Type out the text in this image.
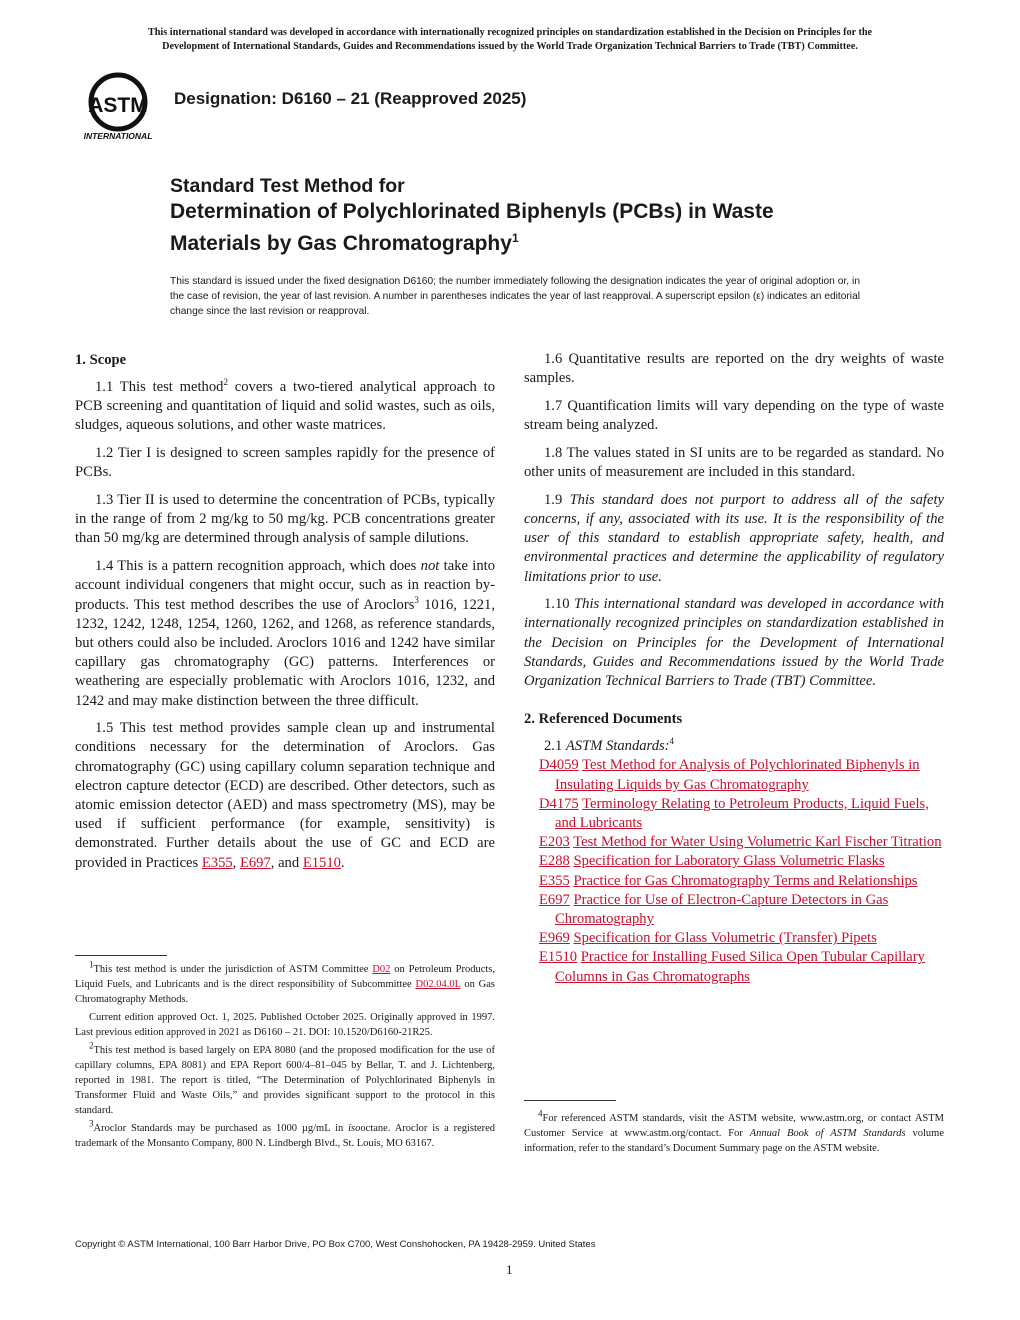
This international standard was developed in accordance with internationally recognized principles on standardization established in the Decision on Principles for the
Development of International Standards, Guides and Recommendations issued by the World Trade Organization Technical Barriers to Trade (TBT) Committee.
ASTM
INTERNATIONAL
Designation: D6160 – 21 (Reapproved 2025)
Standard Test Method for
Determination of Polychlorinated Biphenyls (PCBs) in Waste
Materials by Gas Chromatography$^1$
This standard is issued under the fixed designation D6160; the number immediately following the designation indicates the year of original adoption or, in the case of revision, the year of last revision. A number in parentheses indicates the year of last reapproval. A superscript epsilon (ε) indicates an editorial change since the last revision or reapproval.
1. Scope

1.1 This test method$^2$ covers a two-tiered analytical approach to PCB screening and quantitation of liquid and solid wastes, such as oils, sludges, aqueous solutions, and other waste matrices.

1.2 Tier I is designed to screen samples rapidly for the presence of PCBs.

1.3 Tier II is used to determine the concentration of PCBs, typically in the range of from 2 mg/kg to 50 mg/kg. PCB concentrations greater than 50 mg/kg are determined through analysis of sample dilutions.

1.4 This is a pattern recognition approach, which does not take into account individual congeners that might occur, such as in reaction by-products. This test method describes the use of Aroclors$^3$ 1016, 1221, 1232, 1242, 1248, 1254, 1260, 1262, and 1268, as reference standards, but others could also be included. Aroclors 1016 and 1242 have similar capillary gas chromatography (GC) patterns. Interferences or weathering are especially problematic with Aroclors 1016, 1232, and 1242 and may make distinction between the three difficult.

1.5 This test method provides sample clean up and instrumental conditions necessary for the determination of Aroclors. Gas chromatography (GC) using capillary column separation technique and electron capture detector (ECD) are described. Other detectors, such as atomic emission detector (AED) and mass spectrometry (MS), may be used if sufficient performance (for example, sensitivity) is demonstrated. Further details about the use of GC and ECD are provided in Practices E355, E697, and E1510.

1.6 Quantitative results are reported on the dry weights of waste samples.

1.7 Quantification limits will vary depending on the type of waste stream being analyzed.

1.8 The values stated in SI units are to be regarded as standard. No other units of measurement are included in this standard.

1.9 This standard does not purport to address all of the safety concerns, if any, associated with its use. It is the responsibility of the user of this standard to establish appropriate safety, health, and environmental practices and determine the applicability of regulatory limitations prior to use.

1.10 This international standard was developed in accordance with internationally recognized principles on standardization established in the Decision on Principles for the Development of International Standards, Guides and Recommendations issued by the World Trade Organization Technical Barriers to Trade (TBT) Committee.

2. Referenced Documents

2.1 ASTM Standards:$^4$

D4059 Test Method for Analysis of Polychlorinated Biphenyls in Insulating Liquids by Gas Chromatography
D4175 Terminology Relating to Petroleum Products, Liquid Fuels, and Lubricants
E203 Test Method for Water Using Volumetric Karl Fischer Titration
E288 Specification for Laboratory Glass Volumetric Flasks
E355 Practice for Gas Chromatography Terms and Relationships
E697 Practice for Use of Electron-Capture Detectors in Gas Chromatography
E969 Specification for Glass Volumetric (Transfer) Pipets
E1510 Practice for Installing Fused Silica Open Tubular Capillary Columns in Gas Chromatographs

$^1$This test method is under the jurisdiction of ASTM Committee D02 on Petroleum Products, Liquid Fuels, and Lubricants and is the direct responsibility of Subcommittee D02.04.0L on Gas Chromatography Methods.

Current edition approved Oct. 1, 2025. Published October 2025. Originally approved in 1997. Last previous edition approved in 2021 as D6160 – 21. DOI: 10.1520/D6160-21R25.

$^2$This test method is based largely on EPA 8080 (and the proposed modification for the use of capillary columns, EPA 8081) and EPA Report 600/4–81–045 by Bellar, T. and J. Lichtenberg, reported in 1981. The report is titled, “The Determination of Polychlorinated Biphenyls in Transformer Fluid and Waste Oils,” and provides significant support to the protocol in this standard.

$^3$Aroclor Standards may be purchased as 1000 µg/mL in isooctane. Aroclor is a registered trademark of the Monsanto Company, 800 N. Lindbergh Blvd., St. Louis, MO 63167.

$^4$For referenced ASTM standards, visit the ASTM website, www.astm.org, or contact ASTM Customer Service at www.astm.org/contact. For Annual Book of ASTM Standards volume information, refer to the standard’s Document Summary page on the ASTM website.

Copyright © ASTM International, 100 Barr Harbor Drive, PO Box C700, West Conshohocken, PA 19428-2959. United States
1
